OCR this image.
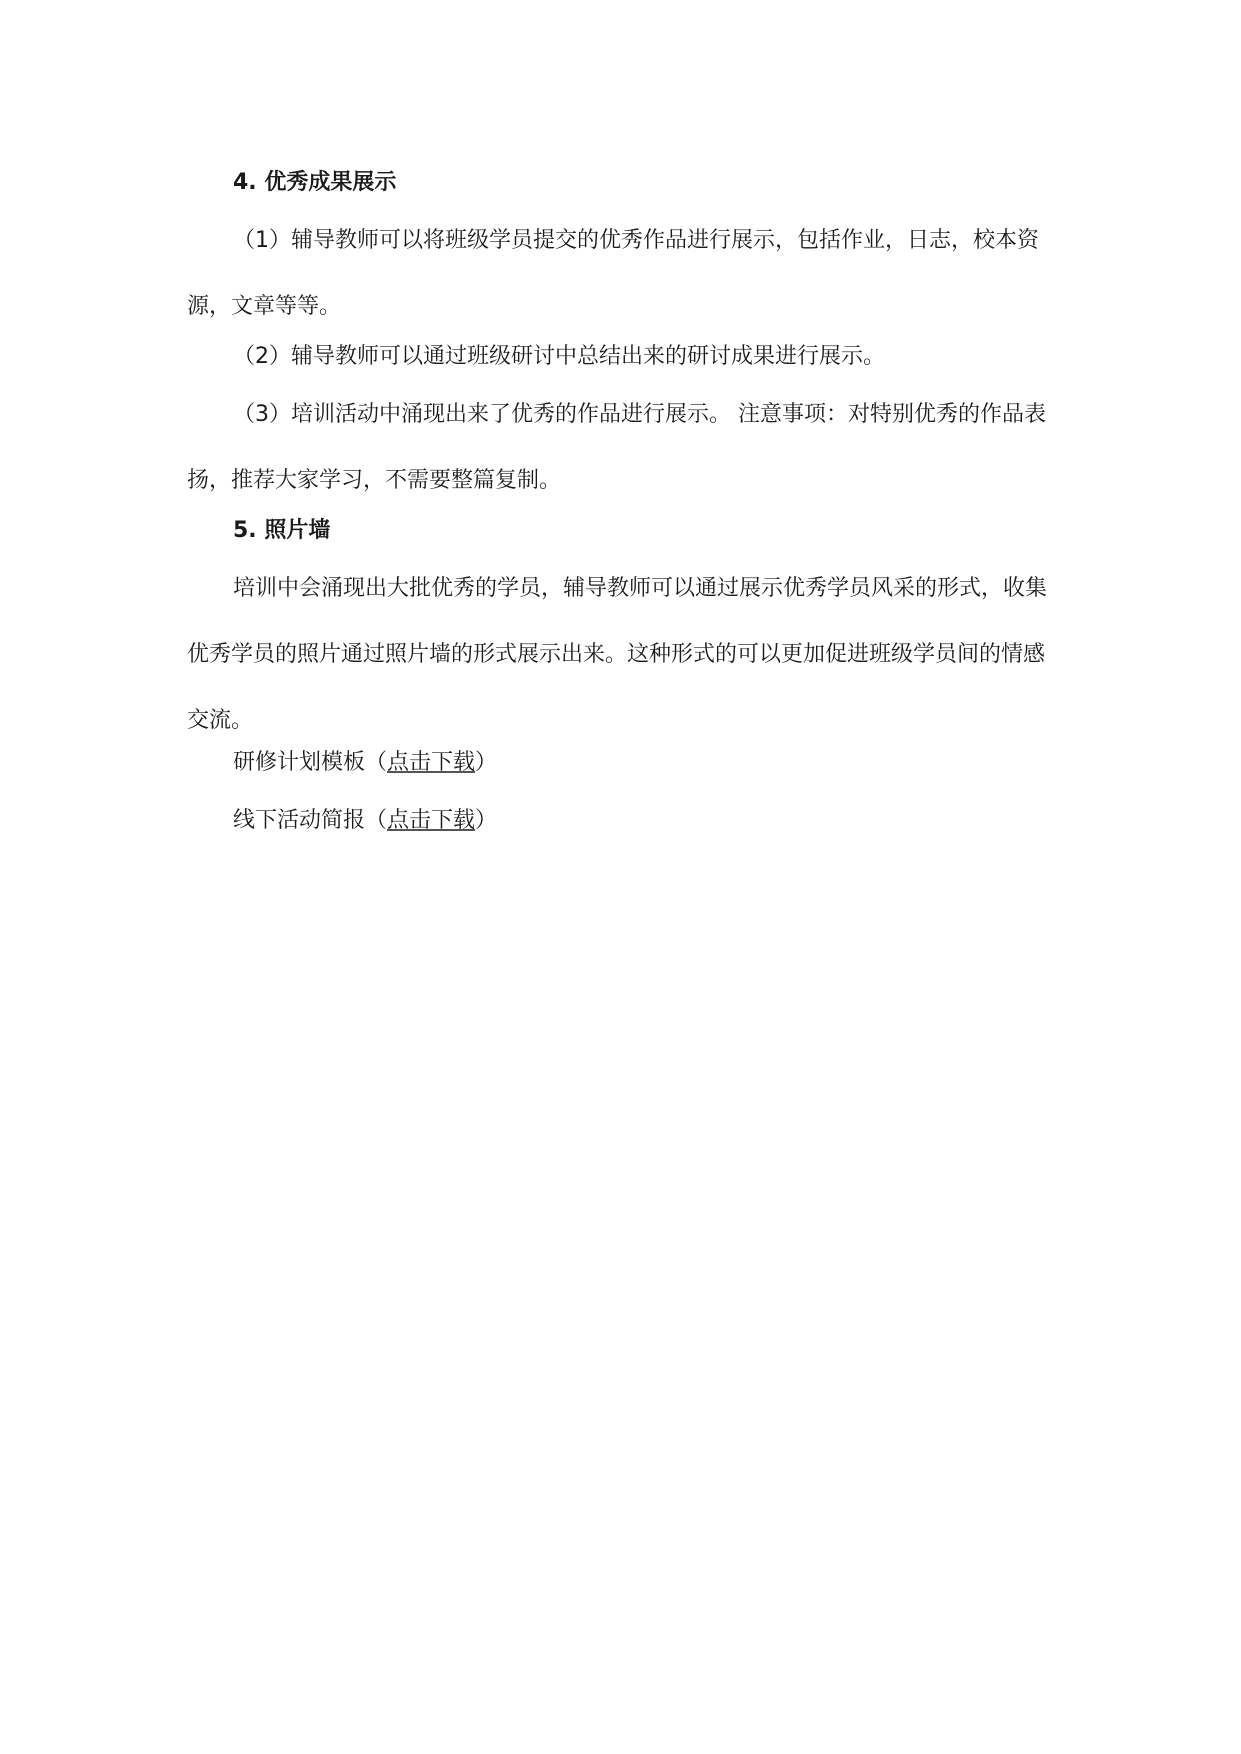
4. 优秀成果展示

（1）辅导教师可以将班级学员提交的优秀作品进行展示，包括作业，日志，校本资源，文章等等。

（2）辅导教师可以通过班级研讨中总结出来的研讨成果进行展示。

（3）培训活动中涌现出来了优秀的作品进行展示。 注意事项：对特别优秀的作品表扬，推荐大家学习，不需要整篇复制。

5. 照片墙

培训中会涌现出大批优秀的学员，辅导教师可以通过展示优秀学员风采的形式，收集优秀学员的照片通过照片墙的形式展示出来。这种形式的可以更加促进班级学员间的情感交流。

研修计划模板（点击下载）

线下活动简报（点击下载）
